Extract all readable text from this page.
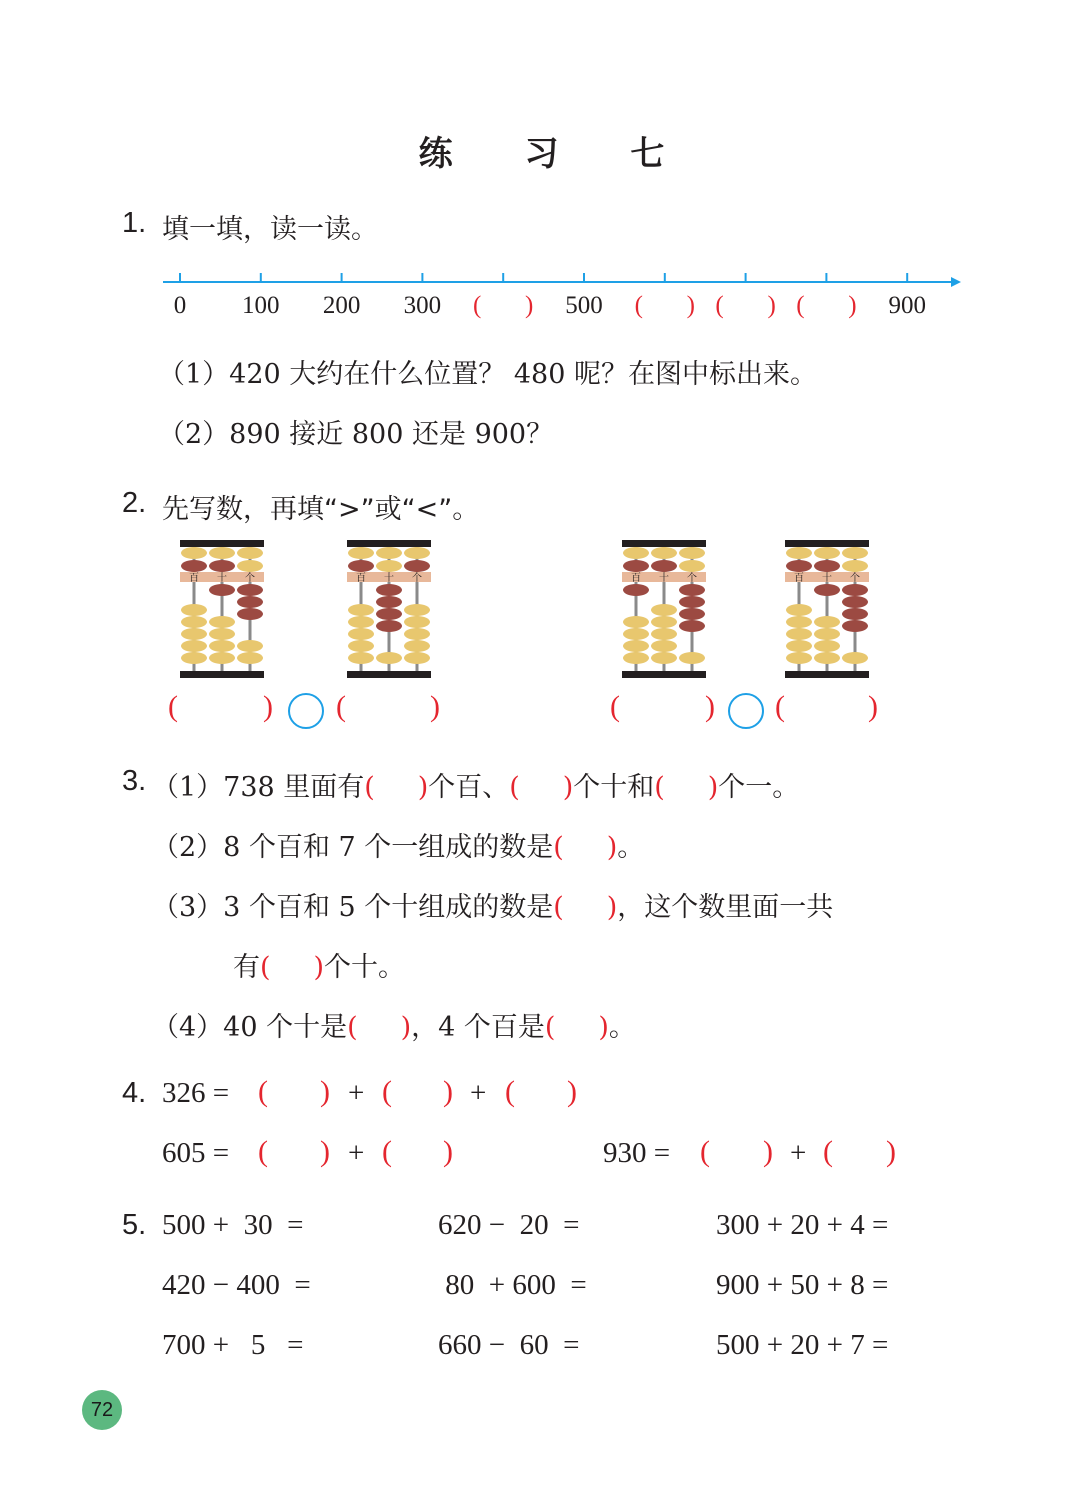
练 习 七
1. 填一填，读一读。
0	100	200	300	(       )	500	(       ) (       ) (       )	900
（1）420 大约在什么位置？ 480 呢？在图中标出来。
（2）890 接近 800 还是 900？
2. 先写数，再填“>”或“<”。
百 十 个	百 十 个	百 十 个	百 十 个
(	) (	)	(	) (	)
3. （1）738 里面有(     )个百、(     )个十和(     )个一。
（2）8 个百和 7 个一组成的数是(     )。
（3）3 个百和 5 个十组成的数是(     )，这个数里面一共
有(     )个十。
（4）40 个十是(     )，4 个百是(     )。
4. 326 = ( ) + ( ) + ( )
605 = ( ) + ( )	930 = ( ) + ( )
5. 500 +  30  =	620 −  20  =	300 + 20 + 4 =
420 − 400  =	80  + 600  =	900 + 50 + 8 =
700 +   5   =	660 −  60  =	500 + 20 + 7 =
72
